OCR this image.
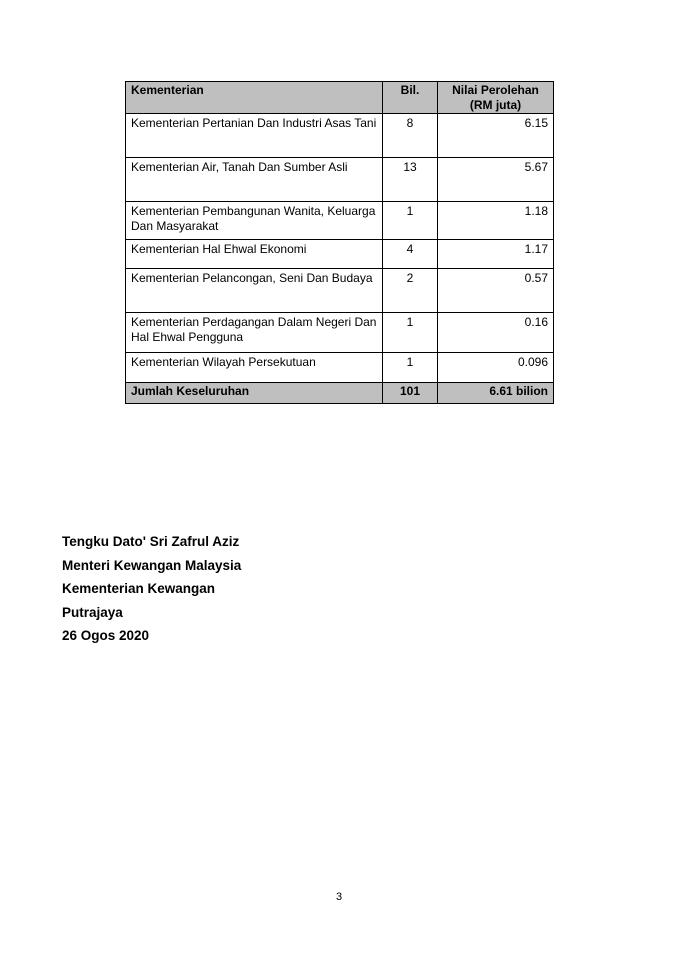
Kementerian	Bil.	Nilai Perolehan
(RM juta)

Kementerian Pertanian Dan Industri Asas Tani	8	6.15
Kementerian Air, Tanah Dan Sumber Asli	13	5.67
Kementerian Pembangunan Wanita, Keluarga Dan Masyarakat	1	1.18
Kementerian Hal Ehwal Ekonomi	4	1.17
Kementerian Pelancongan, Seni Dan Budaya	2	0.57
Kementerian Perdagangan Dalam Negeri Dan Hal Ehwal Pengguna	1	0.16
Kementerian Wilayah Persekutuan	1	0.096
Jumlah Keseluruhan	101	6.61 bilion
Tengku Dato' Sri Zafrul Aziz
Menteri Kewangan Malaysia
Kementerian Kewangan
Putrajaya
26 Ogos 2020
3
